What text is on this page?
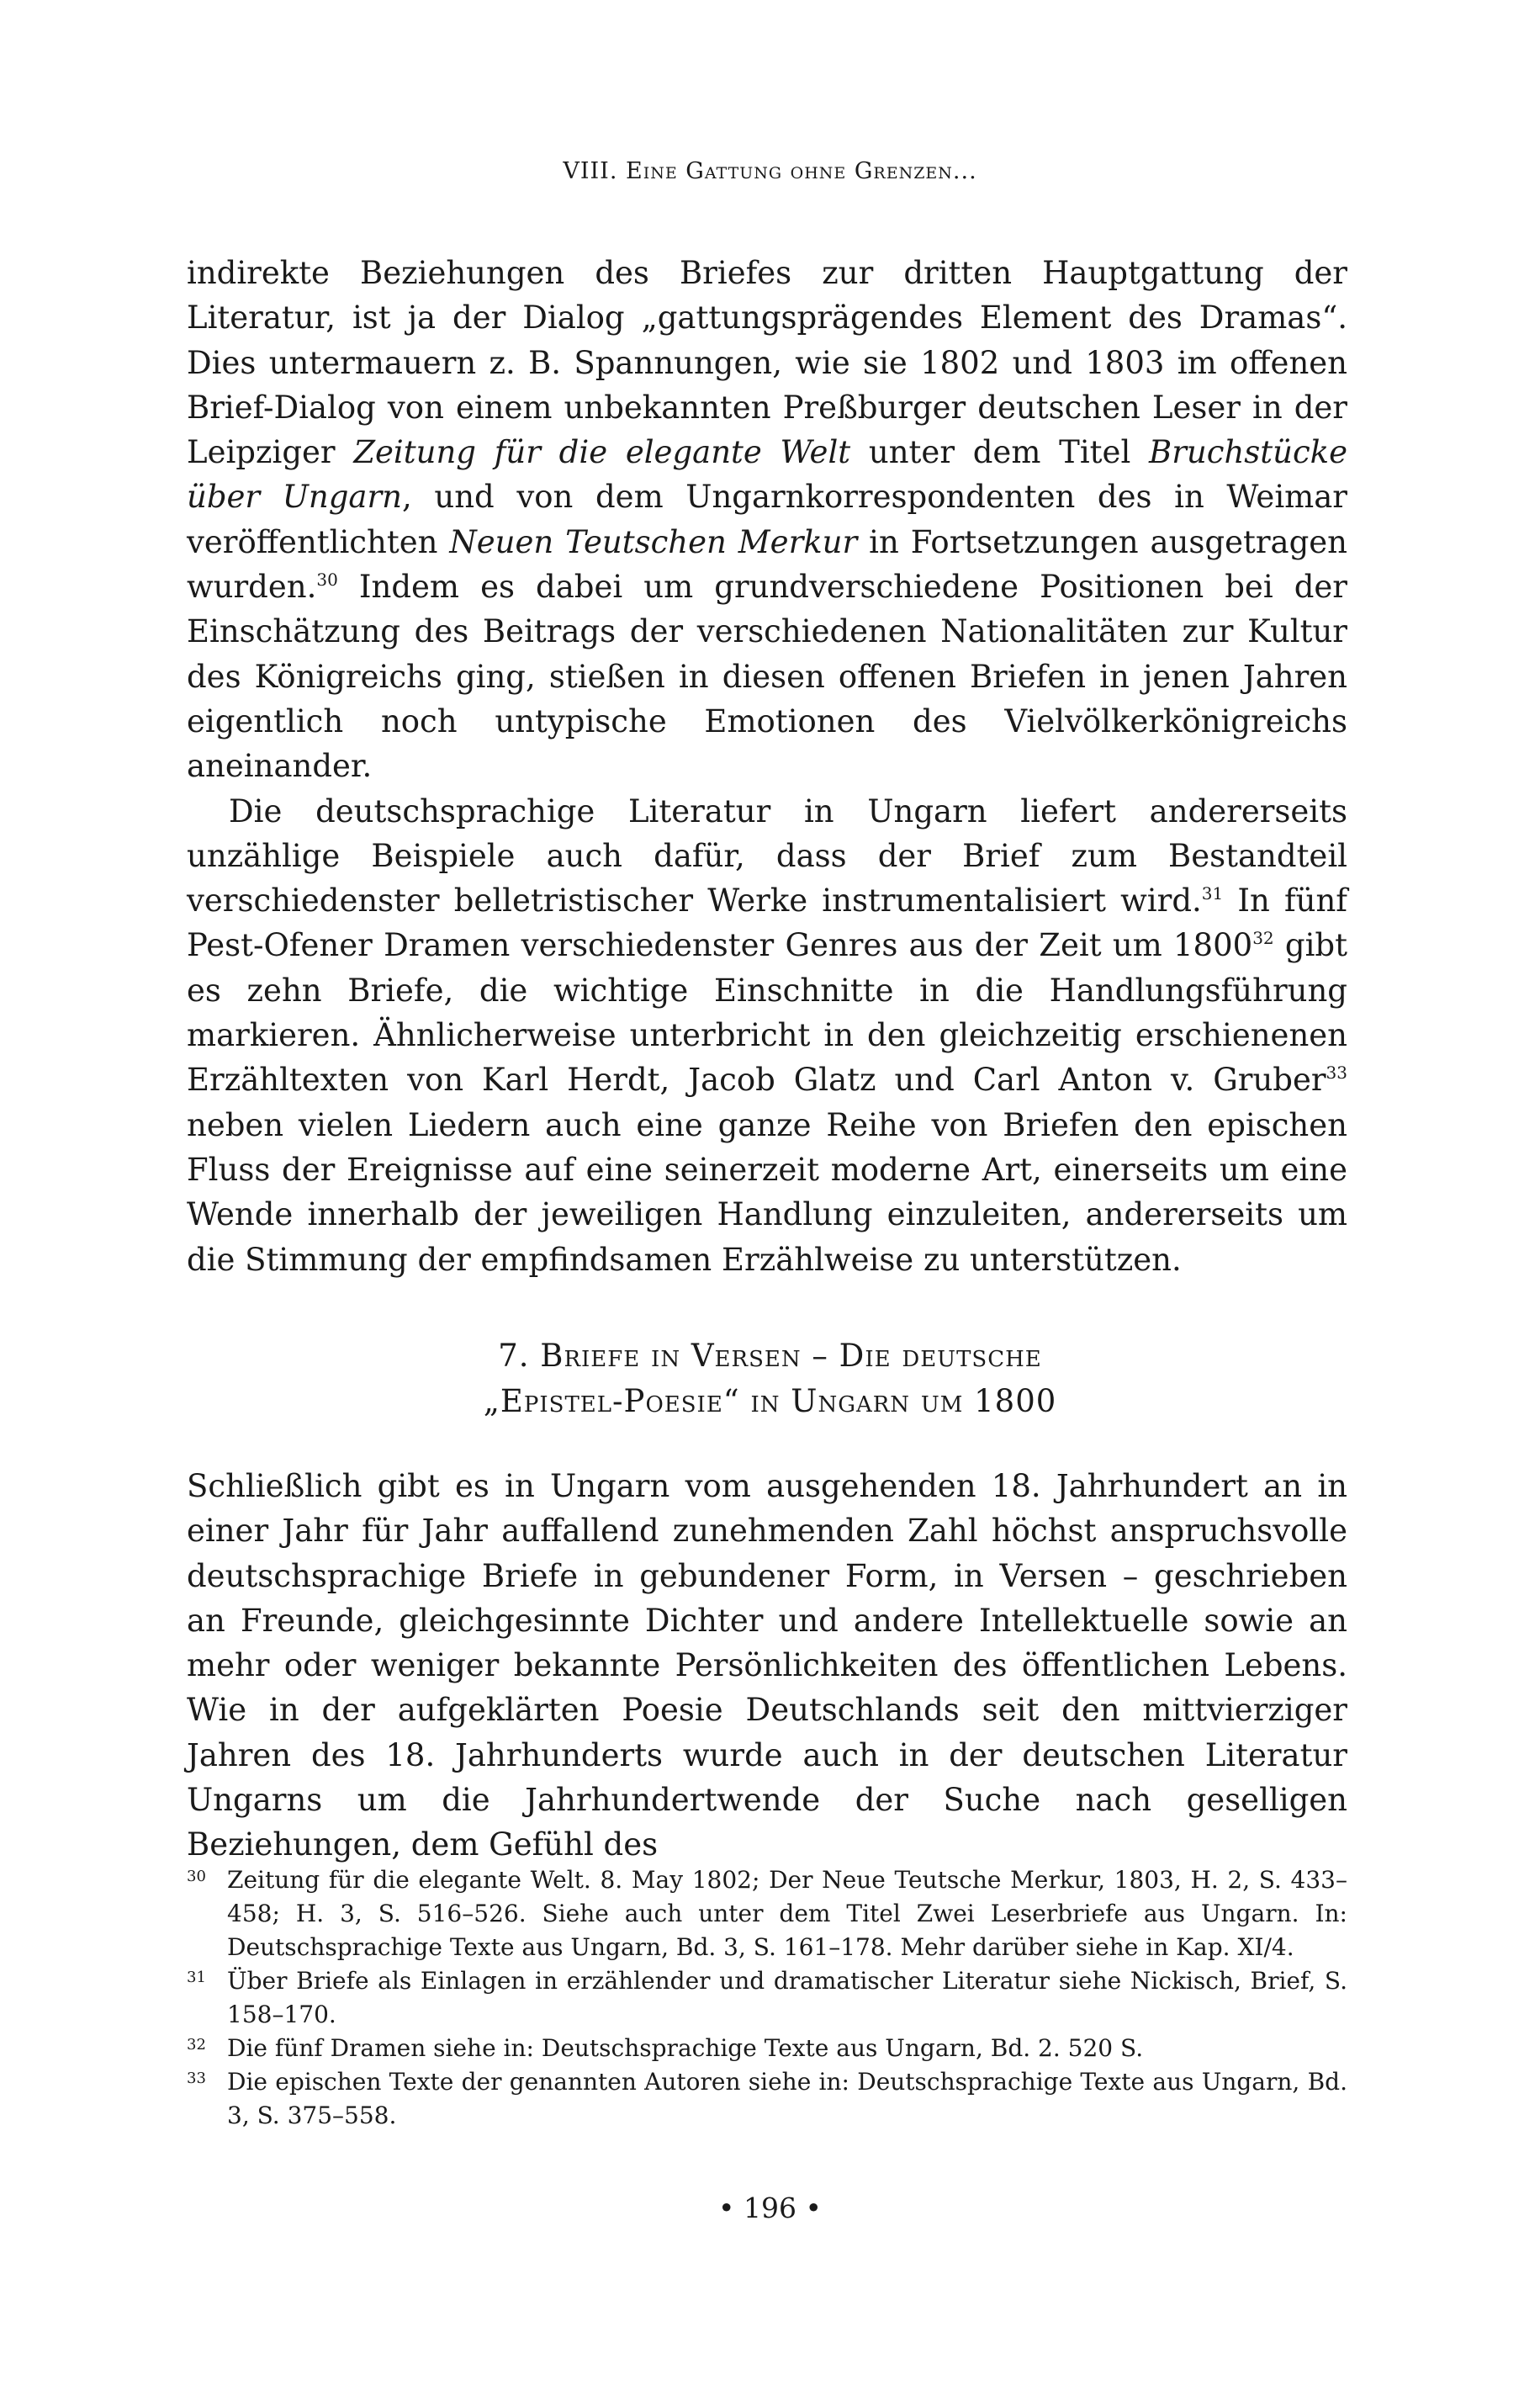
VIII. Eine Gattung ohne Grenzen...

indirekte Beziehungen des Briefes zur dritten Hauptgattung der Literatur, ist ja der Dialog „gattungsprägendes Element des Dramas“. Dies untermauern z. B. Spannungen, wie sie 1802 und 1803 im offenen Brief-Dialog von einem unbekannten Preßburger deutschen Leser in der Leipziger Zeitung für die elegante Welt unter dem Titel Bruchstücke über Ungarn, und von dem Ungarnkorrespondenten des in Weimar veröffentlichten Neuen Teutschen Merkur in Fortsetzungen ausgetragen wurden.$^{30}$ Indem es dabei um grundverschiedene Positionen bei der Einschätzung des Beitrags der verschiedenen Nationalitäten zur Kultur des Königreichs ging, stießen in diesen offenen Briefen in jenen Jahren eigentlich noch untypische Emotionen des Vielvölkerkönigreichs aneinander.

Die deutschsprachige Literatur in Ungarn liefert andererseits unzählige Beispiele auch dafür, dass der Brief zum Bestandteil verschiedenster belletristischer Werke instrumentalisiert wird.$^{31}$ In fünf Pest-Ofener Dramen verschiedenster Genres aus der Zeit um 1800$^{32}$ gibt es zehn Briefe, die wichtige Einschnitte in die Handlungsführung markieren. Ähnlicherweise unterbricht in den gleichzeitig erschienenen Erzähltexten von Karl Herdt, Jacob Glatz und Carl Anton v. Gruber$^{33}$ neben vielen Liedern auch eine ganze Reihe von Briefen den epischen Fluss der Ereignisse auf eine seinerzeit moderne Art, einerseits um eine Wende innerhalb der jeweiligen Handlung einzuleiten, andererseits um die Stimmung der empfindsamen Erzählweise zu unterstützen.

7. Briefe in Versen – Die deutsche
„Epistel-Poesie“ in Ungarn um 1800

Schließlich gibt es in Ungarn vom ausgehenden 18. Jahrhundert an in einer Jahr für Jahr auffallend zunehmenden Zahl höchst anspruchsvolle deutschsprachige Briefe in gebundener Form, in Versen – geschrieben an Freunde, gleichgesinnte Dichter und andere Intellektuelle sowie an mehr oder weniger bekannte Persönlichkeiten des öffentlichen Lebens. Wie in der aufgeklärten Poesie Deutschlands seit den mittvierziger Jahren des 18. Jahrhunderts wurde auch in der deutschen Literatur Ungarns um die Jahrhundertwende der Suche nach geselligen Beziehungen, dem Gefühl des

30 Zeitung für die elegante Welt. 8. May 1802; Der Neue Teutsche Merkur, 1803, H. 2, S. 433–458; H. 3, S. 516–526. Siehe auch unter dem Titel Zwei Leserbriefe aus Ungarn. In: Deutschsprachige Texte aus Ungarn, Bd. 3, S. 161–178. Mehr darüber siehe in Kap. XI/4.

31 Über Briefe als Einlagen in erzählender und dramatischer Literatur siehe Nickisch, Brief, S. 158–170.

32 Die fünf Dramen siehe in: Deutschsprachige Texte aus Ungarn, Bd. 2. 520 S.

33 Die epischen Texte der genannten Autoren siehe in: Deutschsprachige Texte aus Ungarn, Bd. 3, S. 375–558.

• 196 •
